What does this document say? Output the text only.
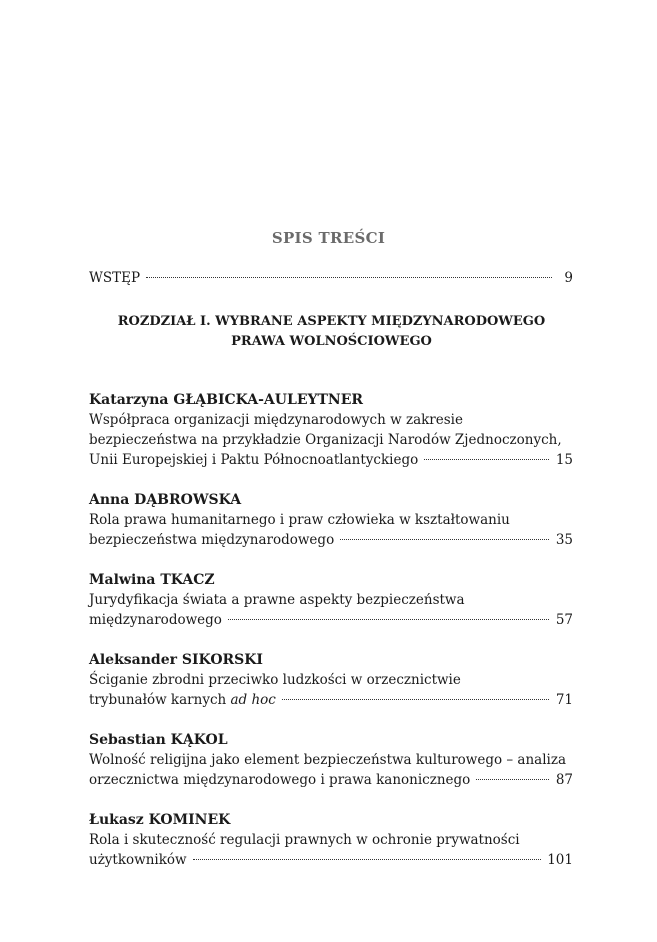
SPIS TREŚCI
WSTĘP	9
ROZDZIAŁ I. WYBRANE ASPEKTY MIĘDZYNARODOWEGO
PRAWA WOLNOŚCIOWEGO
Katarzyna GŁĄBICKA-AULEYTNER
Współpraca organizacji międzynarodowych w zakresie
bezpieczeństwa na przykładzie Organizacji Narodów Zjednoczonych,
Unii Europejskiej i Paktu Północnoatlantyckiego	15
Anna DĄBROWSKA
Rola prawa humanitarnego i praw człowieka w kształtowaniu
bezpieczeństwa międzynarodowego	35
Malwina TKACZ
Jurydyfikacja świata a prawne aspekty bezpieczeństwa
międzynarodowego	57
Aleksander SIKORSKI
Ściganie zbrodni przeciwko ludzkości w orzecznictwie
trybunałów karnych ad hoc	71
Sebastian KĄKOL
Wolność religijna jako element bezpieczeństwa kulturowego – analiza
orzecznictwa międzynarodowego i prawa kanonicznego	87
Łukasz KOMINEK
Rola i skuteczność regulacji prawnych w ochronie prywatności
użytkowników	101
